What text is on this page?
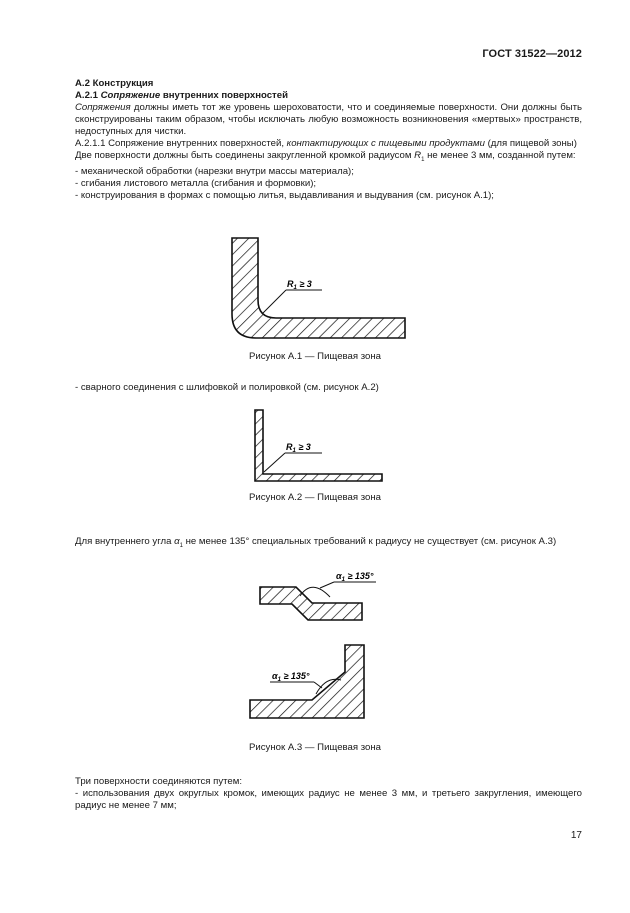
ГОСТ 31522—2012

А.2 Конструкция

А.2.1 Сопряжение внутренних поверхностей

Сопряжения должны иметь тот же уровень шероховатости, что и соединяемые поверхности. Они должны быть сконструированы таким образом, чтобы исключать любую возможность возникновения «мертвых» пространств, недоступных для чистки.

А.2.1.1 Сопряжение внутренних поверхностей, контактирующих с пищевыми продуктами (для пищевой зоны)

Две поверхности должны быть соединены закругленной кромкой радиусом $R_1$ не менее 3 мм, созданной путем:

- механической обработки (нарезки внутри массы материала);

- сгибания листового металла (сгибания и формовки);

- конструирования в формах с помощью литья, выдавливания и выдувания (см. рисунок А.1);

$R_1 \ge 3$
Рисунок А.1 — Пищевая зона

- сварного соединения с шлифовкой и полировкой (см. рисунок А.2)

$R_1 \ge 3$
Рисунок А.2 — Пищевая зона

Для внутреннего угла $\alpha_1$ не менее 135° специальных требований к радиусу не существует (см. рисунок А.3)

$\alpha_1 \ge 135^\circ$
$\alpha_1 \ge 135^\circ$
Рисунок А.3 — Пищевая зона

Три поверхности соединяются путем:

- использования двух округлых кромок, имеющих радиус не менее 3 мм, и третьего закругления, имеющего радиус не менее 7 мм;

17
